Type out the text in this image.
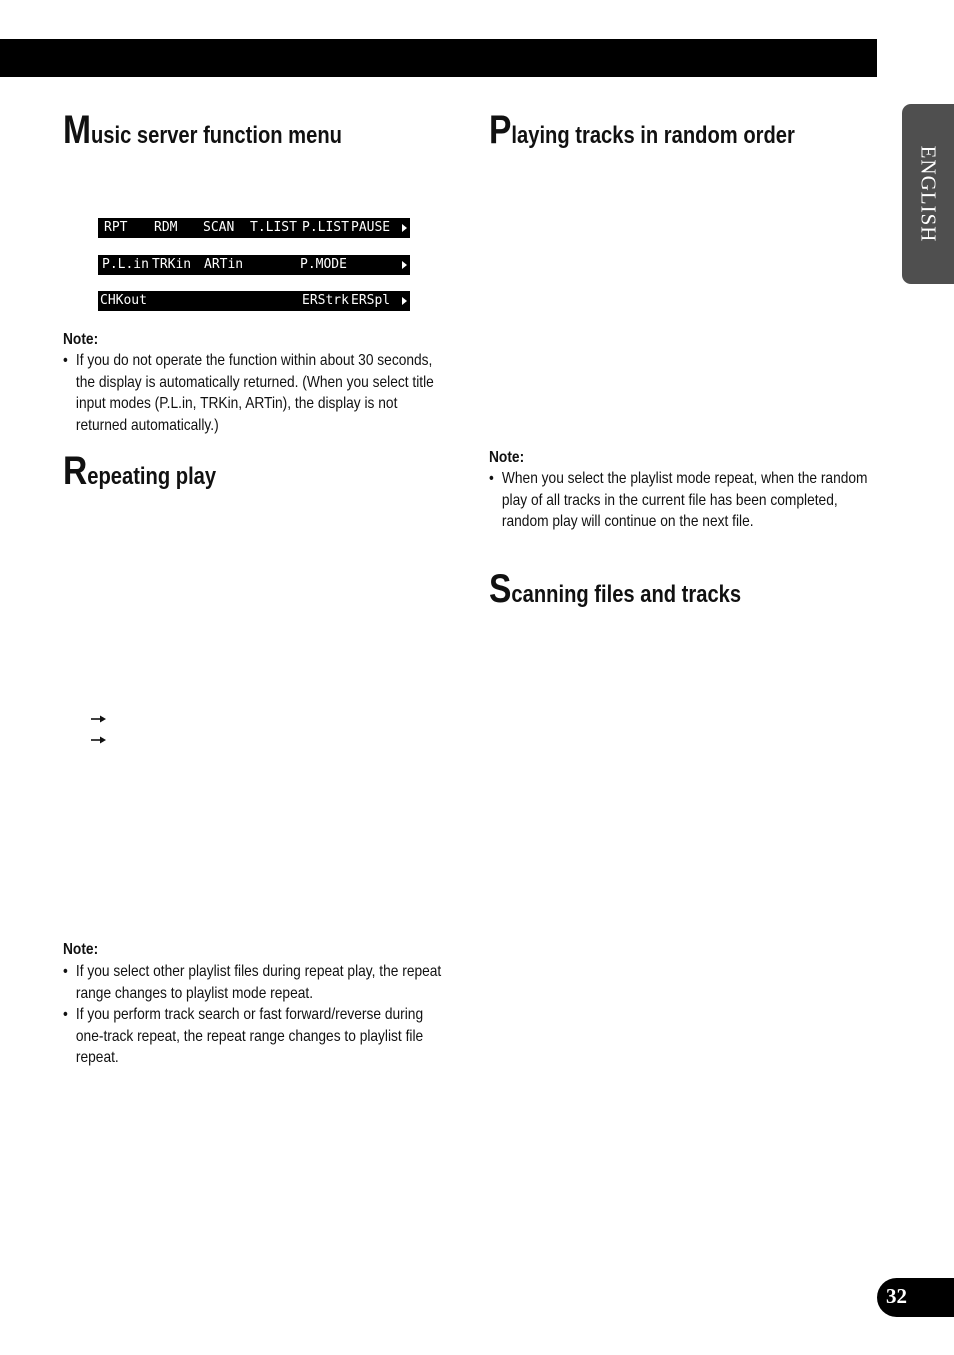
ENGLISH
Music server function menu
RPT RDM SCAN T.LIST P.LIST PAUSE
P.L.in TRKin ARTin	P.MODE
CHKout	ERStrk ERSpl
Note:
• If you do not operate the function within about 30 seconds, the display is automatically returned. (When you select title input modes (P.L.in, TRKin, ARTin), the display is not returned automatically.)
Repeating play
Note:
• If you select other playlist files during repeat play, the repeat range changes to playlist mode repeat.
• If you perform track search or fast forward/reverse during one-track repeat, the repeat range changes to playlist file repeat.
Playing tracks in random order
Note:
• When you select the playlist mode repeat, when the random play of all tracks in the current file has been completed, random play will continue on the next file.
Scanning files and tracks
32
